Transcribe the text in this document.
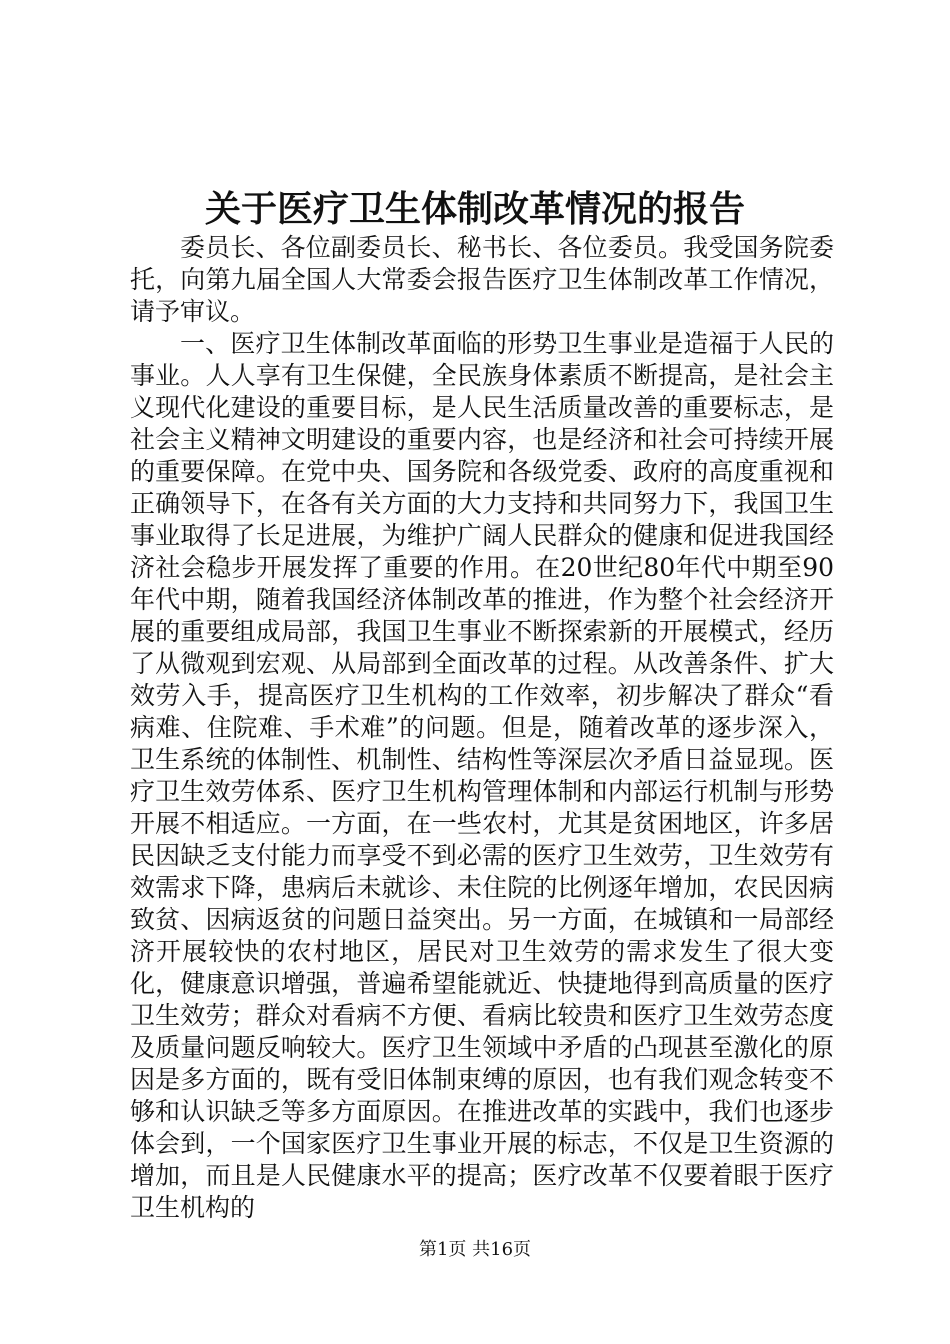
关于医疗卫生体制改革情况的报告

委员长、各位副委员长、秘书长、各位委员。我受国务院委托，向第九届全国人大常委会报告医疗卫生体制改革工作情况，请予审议。

一、医疗卫生体制改革面临的形势卫生事业是造福于人民的事业。人人享有卫生保健，全民族身体素质不断提高，是社会主义现代化建设的重要目标，是人民生活质量改善的重要标志，是社会主义精神文明建设的重要内容，也是经济和社会可持续开展的重要保障。在党中央、国务院和各级党委、政府的高度重视和正确领导下，在各有关方面的大力支持和共同努力下，我国卫生事业取得了长足进展，为维护广阔人民群众的健康和促进我国经济社会稳步开展发挥了重要的作用。在20世纪80年代中期至90年代中期，随着我国经济体制改革的推进，作为整个社会经济开展的重要组成局部，我国卫生事业不断探索新的开展模式，经历了从微观到宏观、从局部到全面改革的过程。从改善条件、扩大效劳入手，提高医疗卫生机构的工作效率，初步解决了群众“看病难、住院难、手术难”的问题。但是，随着改革的逐步深入，卫生系统的体制性、机制性、结构性等深层次矛盾日益显现。医疗卫生效劳体系、医疗卫生机构管理体制和内部运行机制与形势开展不相适应。一方面，在一些农村，尤其是贫困地区，许多居民因缺乏支付能力而享受不到必需的医疗卫生效劳，卫生效劳有效需求下降，患病后未就诊、未住院的比例逐年增加，农民因病致贫、因病返贫的问题日益突出。另一方面，在城镇和一局部经济开展较快的农村地区，居民对卫生效劳的需求发生了很大变化，健康意识增强，普遍希望能就近、快捷地得到高质量的医疗卫生效劳；群众对看病不方便、看病比较贵和医疗卫生效劳态度及质量问题反响较大。医疗卫生领域中矛盾的凸现甚至激化的原因是多方面的，既有受旧体制束缚的原因，也有我们观念转变不够和认识缺乏等多方面原因。在推进改革的实践中，我们也逐步体会到，一个国家医疗卫生事业开展的标志，不仅是卫生资源的增加，而且是人民健康水平的提高；医疗改革不仅要着眼于医疗卫生机构的

第1页 共16页
